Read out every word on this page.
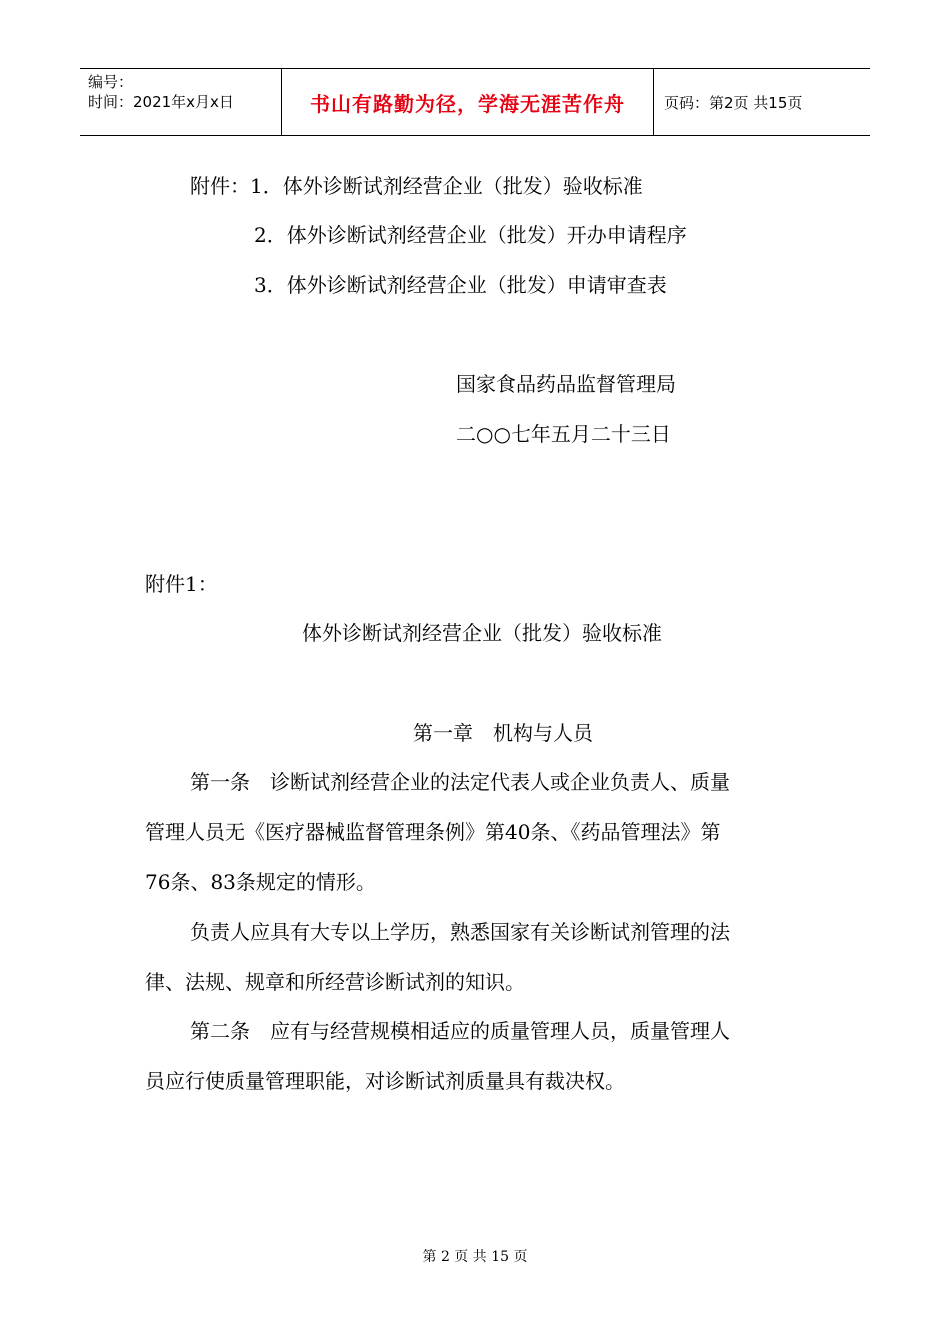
编号：
时间：2021年x月x日	书山有路勤为径，学海无涯苦作舟	页码：第2页 共15页
附件：1．体外诊断试剂经营企业（批发）验收标准
2．体外诊断试剂经营企业（批发）开办申请程序
3．体外诊断试剂经营企业（批发）申请审查表
国家食品药品监督管理局
二○○七年五月二十三日
附件1：
体外诊断试剂经营企业（批发）验收标准
第一章　机构与人员
第一条　诊断试剂经营企业的法定代表人或企业负责人、质量
管理人员无《医疗器械监督管理条例》第40条、《药品管理法》第
76条、83条规定的情形。
负责人应具有大专以上学历，熟悉国家有关诊断试剂管理的法
律、法规、规章和所经营诊断试剂的知识。
第二条　应有与经营规模相适应的质量管理人员，质量管理人
员应行使质量管理职能，对诊断试剂质量具有裁决权。
第 2 页 共 15 页
